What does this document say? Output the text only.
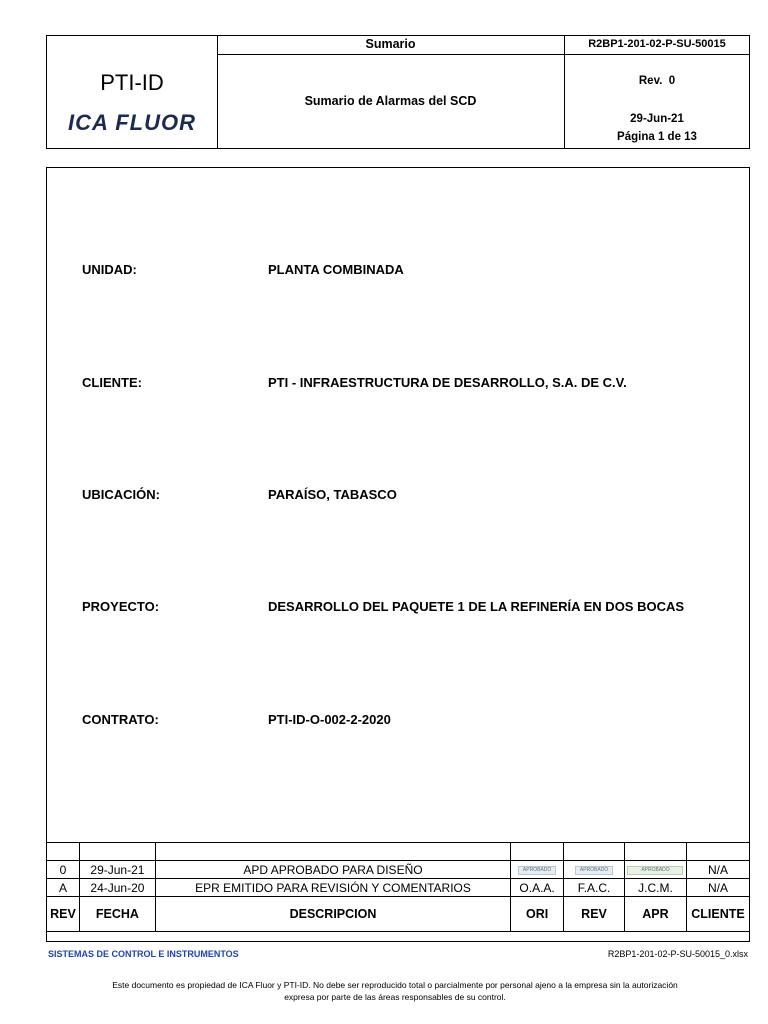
PTI-ID
ICA FLUOR
Sumario
Sumario de Alarmas del SCD
R2BP1-201-02-P-SU-50015
Rev.  0
29-Jun-21
Página 1 de 13
UNIDAD:	PLANTA COMBINADA
CLIENTE:	PTI - INFRAESTRUCTURA DE DESARROLLO, S.A. DE C.V.
UBICACIÓN:	PARAÍSO, TABASCO
PROYECTO:	DESARROLLO DEL PAQUETE 1 DE LA REFINERÍA EN DOS BOCAS
CONTRATO:	PTI-ID-O-002-2-2020

0	29-Jun-21	APD APROBADO PARA DISEÑO	APROBADO	APROBADO	APROBADO	N/A
A	24-Jun-20	EPR EMITIDO PARA REVISIÓN Y COMENTARIOS	O.A.A.	F.A.C.	J.C.M.	N/A
REV	FECHA	DESCRIPCION	ORI	REV	APR	CLIENTE
SISTEMAS DE CONTROL E INSTRUMENTOS	R2BP1-201-02-P-SU-50015_0.xlsx
Este documento es propiedad de ICA Fluor y PTI-ID. No debe ser reproducido total o parcialmente por personal ajeno a la empresa sin la autorización
expresa por parte de las áreas responsables de su control.
